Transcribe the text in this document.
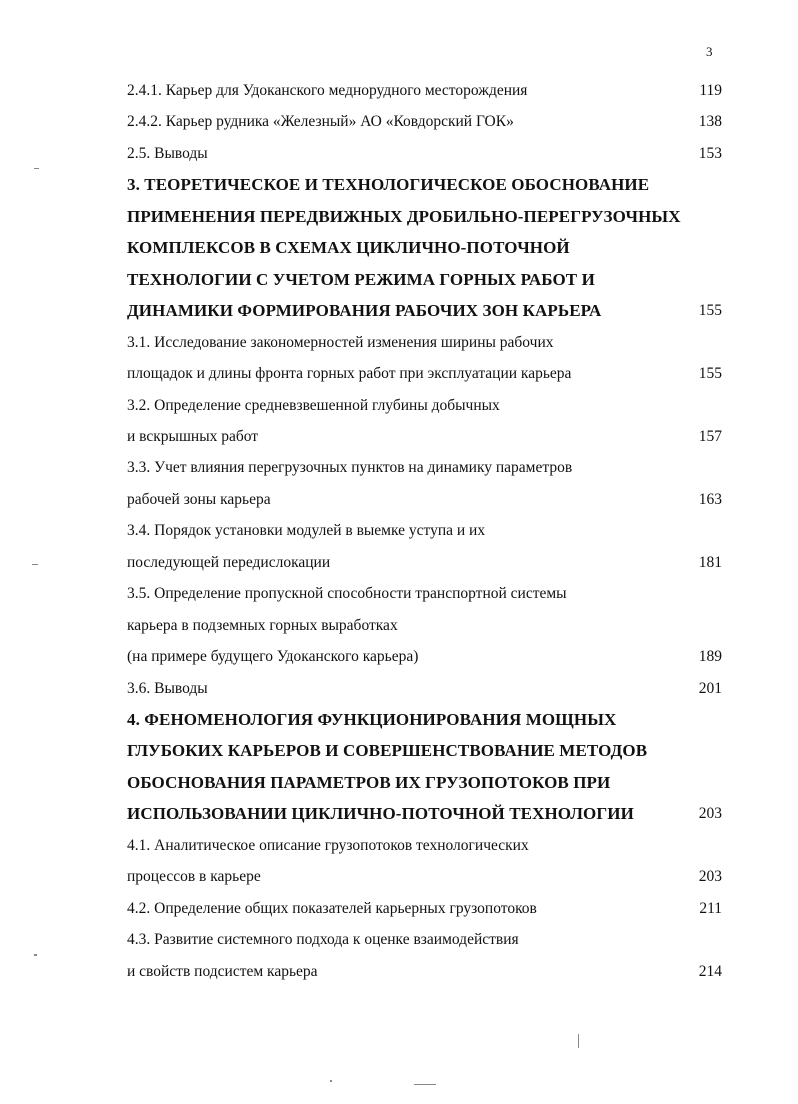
3
2.4.1. Карьер для Удоканского меднорудного месторождения	119
2.4.2. Карьер рудника «Железный» АО «Ковдорский ГОК»	138
2.5. Выводы	153
3. ТЕОРЕТИЧЕСКОЕ И ТЕХНОЛОГИЧЕСКОЕ ОБОСНОВАНИЕ
ПРИМЕНЕНИЯ ПЕРЕДВИЖНЫХ ДРОБИЛЬНО-ПЕРЕГРУЗОЧНЫХ
КОМПЛЕКСОВ В СХЕМАХ ЦИКЛИЧНО-ПОТОЧНОЙ
ТЕХНОЛОГИИ С УЧЕТОМ РЕЖИМА ГОРНЫХ РАБОТ И
ДИНАМИКИ ФОРМИРОВАНИЯ РАБОЧИХ ЗОН КАРЬЕРА	155
3.1. Исследование закономерностей изменения ширины рабочих
площадок и длины фронта горных работ при эксплуатации карьера	155
3.2. Определение средневзвешенной глубины добычных
и вскрышных работ	157
3.3. Учет влияния перегрузочных пунктов на динамику параметров
рабочей зоны карьера	163
3.4. Порядок установки модулей в выемке уступа и их
последующей передислокации	181
3.5. Определение пропускной способности транспортной системы
карьера в подземных горных выработках
(на примере будущего Удоканского карьера)	189
3.6. Выводы	201
4. ФЕНОМЕНОЛОГИЯ ФУНКЦИОНИРОВАНИЯ МОЩНЫХ
ГЛУБОКИХ КАРЬЕРОВ И СОВЕРШЕНСТВОВАНИЕ МЕТОДОВ
ОБОСНОВАНИЯ ПАРАМЕТРОВ ИХ ГРУЗОПОТОКОВ ПРИ
ИСПОЛЬЗОВАНИИ ЦИКЛИЧНО-ПОТОЧНОЙ ТЕХНОЛОГИИ	203
4.1. Аналитическое описание грузопотоков технологических
процессов в карьере	203
4.2. Определение общих показателей карьерных грузопотоков	211
4.3. Развитие системного подхода к оценке взаимодействия
и свойств подсистем карьера	214
